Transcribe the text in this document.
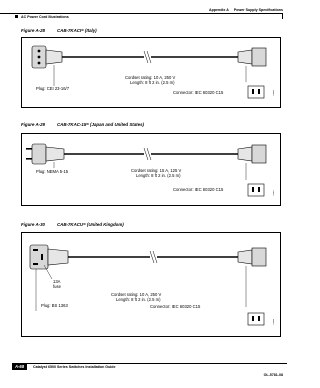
Appendix A Power Supply Specifications
AC Power Cord Illustrations
Figure A-28	CAB-7KACI= (Italy)
Cordset rating: 10 A, 250 V
Length: 8 ft 2 in. (2.5 m)
Plug: CEI 23-16/7
Connector: IEC 60320 C15	70086
Figure A-29	CAB-7KAC-15= (Japan and United States)
Cordset rating: 15 A, 125 V
Length: 8 ft 2 in. (2.5 m)
Plug: NEMA 5-15
Connector: IEC 60320 C15
70087
Figure A-30	CAB-7KACU= (United Kingdom)
13A
fuse
Cordset rating: 10 A, 250 V
Length: 8 ft 2 in. (2.5 m)
Plug: BS 1363	Connector: IEC 60320 C15
70088
A-68	Catalyst 6500 Series Switches Installation Guide
OL-5781-08
